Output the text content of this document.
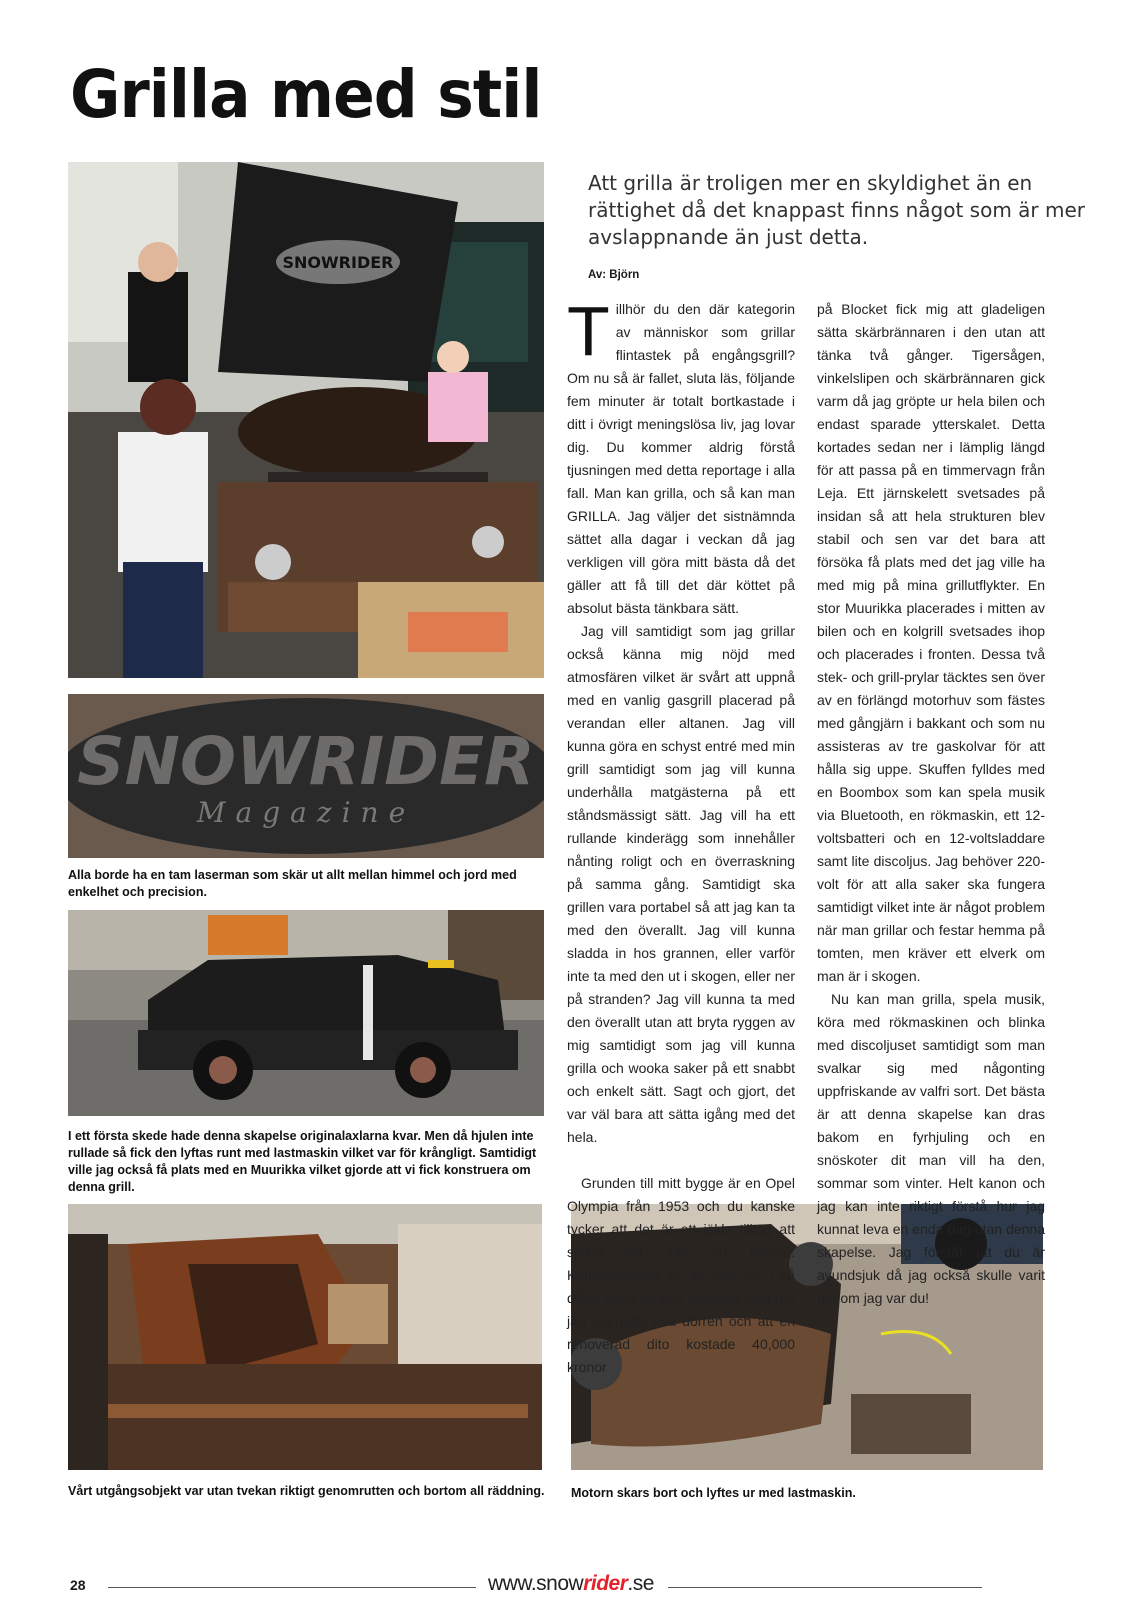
Grilla med stil
SNOWRIDER
SNOWRIDER
Magazine

Alla borde ha en tam laserman som skär ut allt mellan himmel och jord med enkelhet och precision.

I ett första skede hade denna skapelse originalaxlarna kvar. Men då hjulen inte rullade så fick den lyftas runt med lastmaskin vilket var för krångligt. Samtidigt ville jag också få plats med en Muurikka vilket gjorde att vi fick konstruera om denna grill.

Vårt utgångsobjekt var utan tvekan riktigt genomrutten och bortom all räddning. Motorn skars bort och lyftes ur med lastmaskin.

Att grilla är troligen mer en skyldighet än en rättighet då det knappast finns något som är mer avslappnande än just detta.

Av: Björn

Tillhör du den där kategorin av människor som grillar flintastek på engångsgrill? Om nu så är fallet, sluta läs, följande fem minuter är totalt bortkastade i ditt i övrigt meningslösa liv, jag lovar dig. Du kommer aldrig förstå tjusningen med detta reportage i alla fall. Man kan grilla, och så kan man GRILLA. Jag väljer det sistnämnda sättet alla dagar i veckan då jag verkligen vill göra mitt bästa då det gäller att få till det där köttet på absolut bästa tänkbara sätt.

Jag vill samtidigt som jag grillar också känna mig nöjd med atmosfären vilket är svårt att uppnå med en vanlig gasgrill placerad på verandan eller altanen. Jag vill kunna göra en schyst entré med min grill samtidigt som jag vill kunna underhålla matgästerna på ett ståndsmässigt sätt. Jag vill ha ett rullande kinderägg som innehåller nånting roligt och en överraskning på samma gång. Samtidigt ska grillen vara portabel så att jag kan ta med den överallt. Jag vill kunna sladda in hos grannen, eller varför inte ta med den ut i skogen, eller ner på stranden? Jag vill kunna ta med den överallt utan att bryta ryggen av mig samtidigt som jag vill kunna grilla och wooka saker på ett snabbt och enkelt sätt. Sagt och gjort, det var väl bara att sätta igång med det hela.

Grunden till mitt bygge är en Opel Olympia från 1953 och du kanske tycker att det är ett jäkla tilltag att slakta en sån fin klenod. Kombinationen av att den var i så dåligt skick att den säckade ihop när jag öppnade ena dörren och att en renoverad dito kostade 40,000 kronor

på Blocket fick mig att gladeligen sätta skärbrännaren i den utan att tänka två gånger. Tigersågen, vinkelslipen och skärbrännaren gick varm då jag gröpte ur hela bilen och endast sparade ytterskalet. Detta kortades sedan ner i lämplig längd för att passa på en timmervagn från Leja. Ett järnskelett svetsades på insidan så att hela strukturen blev stabil och sen var det bara att försöka få plats med det jag ville ha med mig på mina grillutflykter. En stor Muurikka placerades i mitten av bilen och en kolgrill svetsades ihop och placerades i fronten. Dessa två stek- och grill-prylar täcktes sen över av en förlängd motorhuv som fästes med gångjärn i bakkant och som nu assisteras av tre gaskolvar för att hålla sig uppe. Skuffen fylldes med en Boombox som kan spela musik via Bluetooth, en rökmaskin, ett 12-voltsbatteri och en 12-voltsladdare samt lite discoljus. Jag behöver 220-volt för att alla saker ska fungera samtidigt vilket inte är något problem när man grillar och festar hemma på tomten, men kräver ett elverk om man är i skogen.

Nu kan man grilla, spela musik, köra med rökmaskinen och blinka med discoljuset samtidigt som man svalkar sig med någonting uppfriskande av valfri sort. Det bästa är att denna skapelse kan dras bakom en fyrhjuling och en snöskoter dit man vill ha den, sommar som vinter. Helt kanon och jag kan inte riktigt förstå hur jag kunnat leva en enda dag utan denna skapelse. Jag förstår att du är avundsjuk då jag också skulle varit det om jag var du!

28	www.snowrider.se
